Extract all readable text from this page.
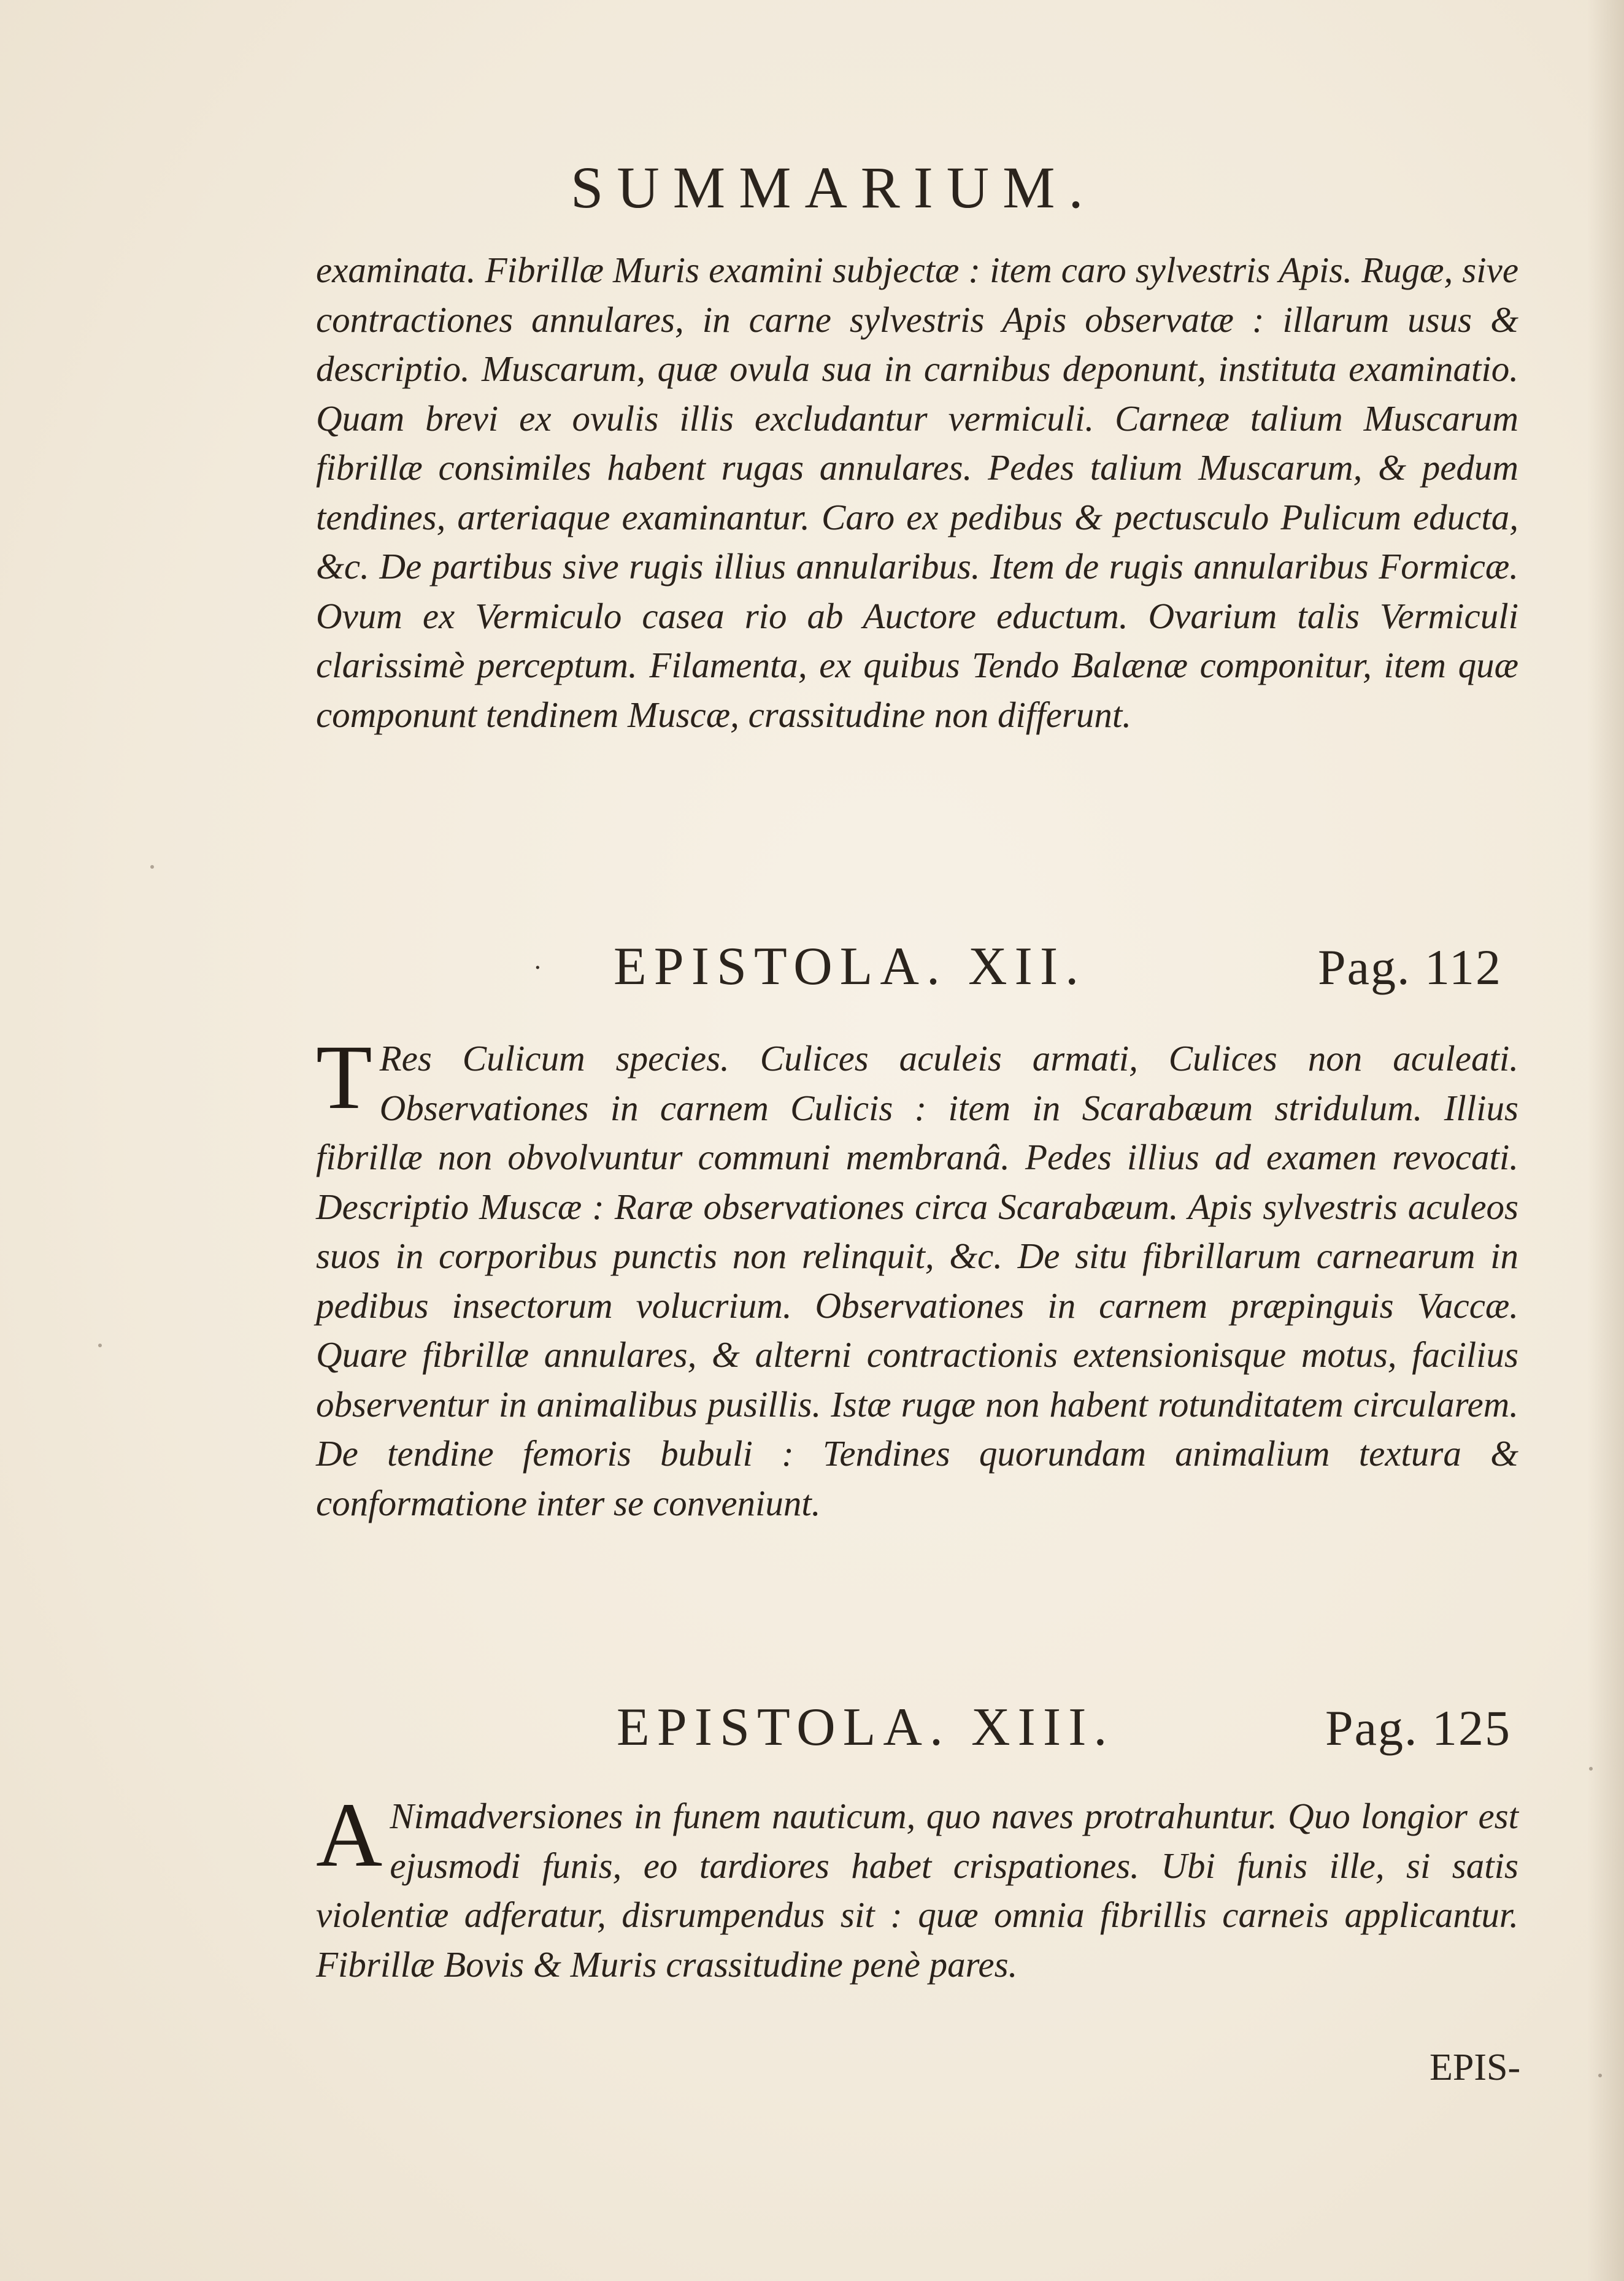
SUMMARIUM.

examinata. Fibrillæ Muris examini subjectæ : item caro sylvestris Apis. Rugæ, sive contractiones annulares, in carne sylvestris Apis observatæ : illarum usus & descriptio. Muscarum, quæ ovula sua in carnibus deponunt, instituta examinatio. Quam brevi ex ovulis illis excludantur vermiculi. Carneæ talium Muscarum fibrillæ consimiles habent rugas annulares. Pedes talium Muscarum, & pedum tendines, arteriaque examinantur. Caro ex pedibus & pectusculo Pulicum educta, &c. De partibus sive rugis illius annularibus. Item de rugis annularibus Formicæ. Ovum ex Vermiculo casea rio ab Auctore eductum. Ovarium talis Vermiculi clarissimè perceptum. Filamenta, ex quibus Tendo Balænæ componitur, item quæ componunt tendinem Muscæ, crassitudine non differunt.

· EPISTOLA. XII.	Pag. 112
T Res Culicum species. Culices aculeis armati, Culices non aculeati. Observationes in carnem Culicis : item in Scarabæum stridulum. Illius fibrillæ non obvolvuntur communi membranâ. Pedes illius ad examen revocati. Descriptio Muscæ : Raræ observationes circa Scarabæum. Apis sylvestris aculeos suos in corporibus punctis non relinquit, &c. De situ fibrillarum carnearum in pedibus insectorum volucrium. Observationes in carnem præpinguis Vaccæ. Quare fibrillæ annulares, & alterni contractionis extensionisque motus, facilius observentur in animalibus pusillis. Istæ rugæ non habent rotunditatem circularem. De tendine femoris bubuli : Tendines quorundam animalium textura & conformatione inter se conveniunt.

EPISTOLA. XIII.	Pag. 125
A Nimadversiones in funem nauticum, quo naves protrahuntur. Quo longior est ejusmodi funis, eo tardiores habet crispationes. Ubi funis ille, si satis violentiæ adferatur, disrumpendus sit : quæ omnia fibrillis carneis applicantur. Fibrillæ Bovis & Muris crassitudine penè pares.

EPIS-
